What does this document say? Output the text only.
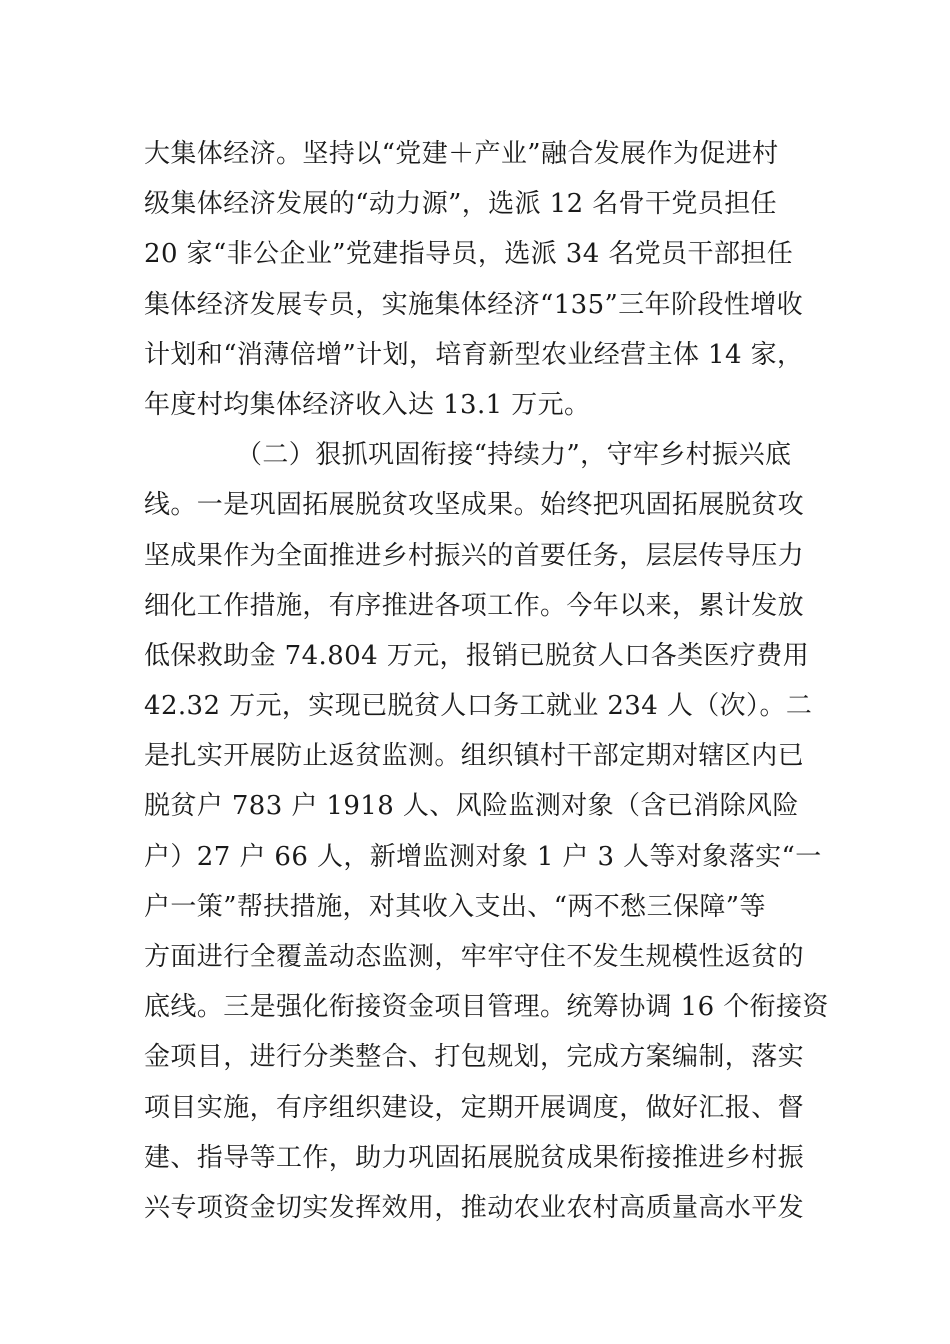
大集体经济。坚持以“党建＋产业”融合发展作为促进村
级集体经济发展的“动力源”，选派 12 名骨干党员担任
20 家“非公企业”党建指导员，选派 34 名党员干部担任
集体经济发展专员，实施集体经济“135”三年阶段性增收
计划和“消薄倍增”计划，培育新型农业经营主体 14 家，
年度村均集体经济收入达 13.1 万元。
（二）狠抓巩固衔接“持续力”，守牢乡村振兴底
线。一是巩固拓展脱贫攻坚成果。始终把巩固拓展脱贫攻
坚成果作为全面推进乡村振兴的首要任务，层层传导压力
细化工作措施，有序推进各项工作。今年以来，累计发放
低保救助金 74.804 万元，报销已脱贫人口各类医疗费用
42.32 万元，实现已脱贫人口务工就业 234 人（次）。二
是扎实开展防止返贫监测。组织镇村干部定期对辖区内已
脱贫户 783 户 1918 人、风险监测对象（含已消除风险
户）27 户 66 人，新增监测对象 1 户 3 人等对象落实“一
户一策”帮扶措施，对其收入支出、“两不愁三保障”等
方面进行全覆盖动态监测，牢牢守住不发生规模性返贫的
底线。三是强化衔接资金项目管理。统筹协调 16 个衔接资
金项目，进行分类整合、打包规划，完成方案编制，落实
项目实施，有序组织建设，定期开展调度，做好汇报、督
建、指导等工作，助力巩固拓展脱贫成果衔接推进乡村振
兴专项资金切实发挥效用，推动农业农村高质量高水平发
